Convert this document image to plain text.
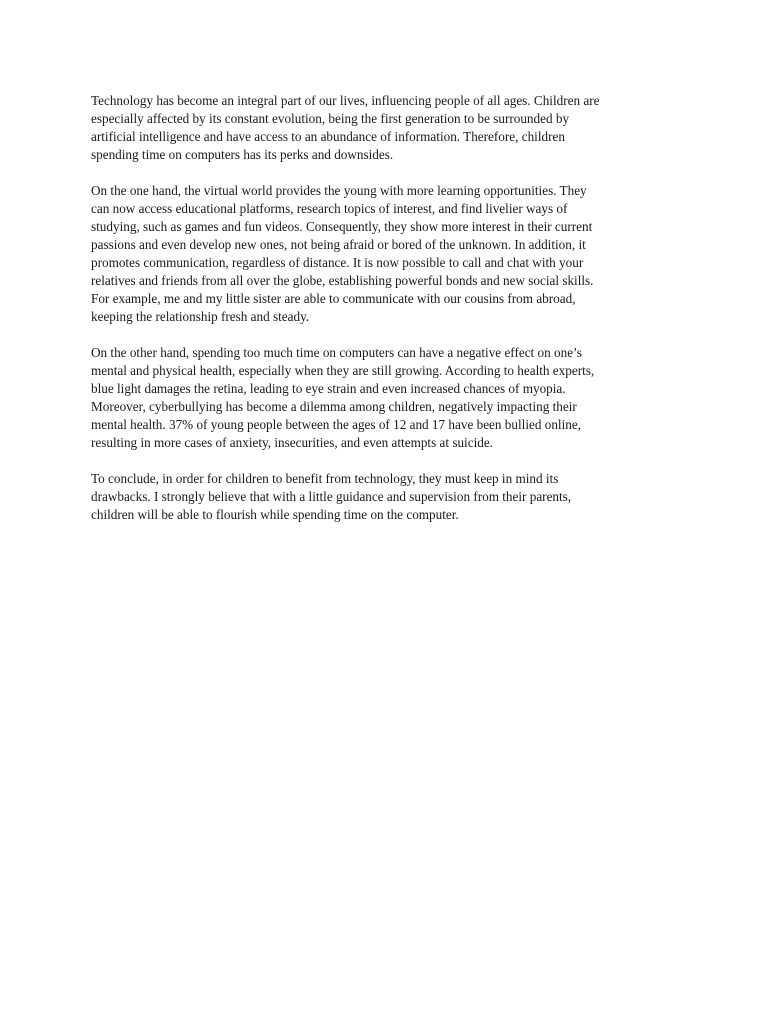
Technology has become an integral part of our lives, influencing people of all ages. Children are
especially affected by its constant evolution, being the first generation to be surrounded by
artificial intelligence and have access to an abundance of information. Therefore, children
spending time on computers has its perks and downsides.

On the one hand, the virtual world provides the young with more learning opportunities. They
can now access educational platforms, research topics of interest, and find livelier ways of
studying, such as games and fun videos. Consequently, they show more interest in their current
passions and even develop new ones, not being afraid or bored of the unknown. In addition, it
promotes communication, regardless of distance. It is now possible to call and chat with your
relatives and friends from all over the globe, establishing powerful bonds and new social skills.
For example, me and my little sister are able to communicate with our cousins from abroad,
keeping the relationship fresh and steady.

On the other hand, spending too much time on computers can have a negative effect on one’s
mental and physical health, especially when they are still growing. According to health experts,
blue light damages the retina, leading to eye strain and even increased chances of myopia.
Moreover, cyberbullying has become a dilemma among children, negatively impacting their
mental health. 37% of young people between the ages of 12 and 17 have been bullied online,
resulting in more cases of anxiety, insecurities, and even attempts at suicide.

To conclude, in order for children to benefit from technology, they must keep in mind its
drawbacks. I strongly believe that with a little guidance and supervision from their parents,
children will be able to flourish while spending time on the computer.
